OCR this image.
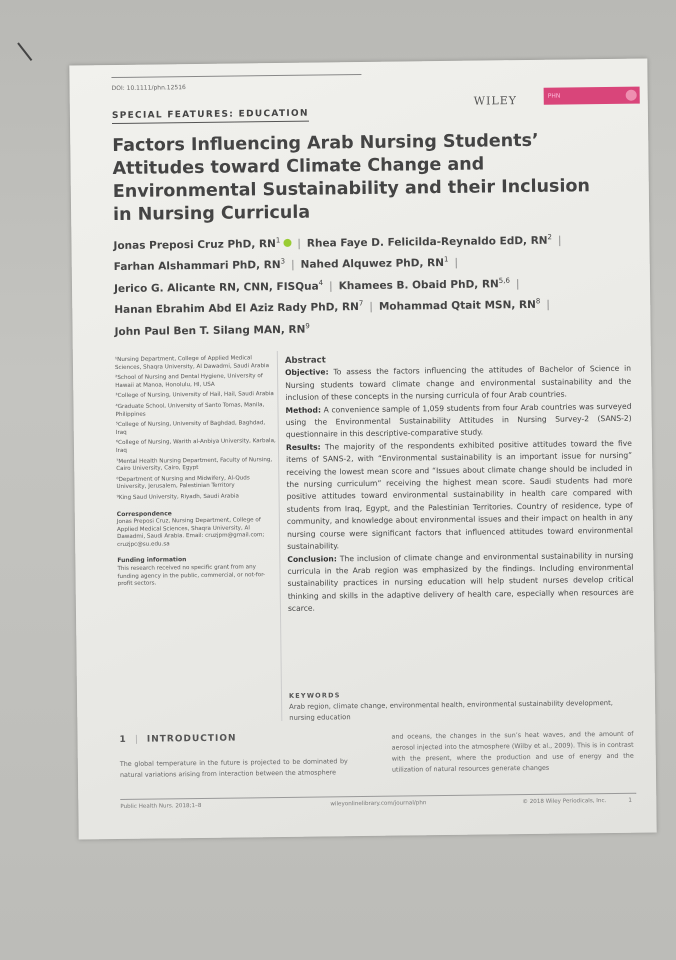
DOI: 10.1111/phn.12516
WILEY	PHN
SPECIAL FEATURES: EDUCATION
Factors Influencing Arab Nursing Students’ Attitudes toward Climate Change and Environmental Sustainability and their Inclusion in Nursing Curricula
Jonas Preposi Cruz PhD, $RN^1$ | Rhea Faye D. Felicilda-Reynaldo EdD, $RN^2$ |
Farhan Alshammari PhD, $RN^3$ | Nahed Alquwez PhD, $RN^1$ |
Jerico G. Alicante RN, CNN, FISQua$^4$ | Khamees B. Obaid PhD, RN$^{5,6}$ |
Hanan Ebrahim Abd El Aziz Rady PhD, $RN^7$ | Mohammad Qtait MSN, $RN^8$ |
John Paul Ben T. Silang MAN, $RN^9$

¹Nursing Department, College of Applied Medical Sciences, Shaqra University, Al Dawadmi, Saudi Arabia

²School of Nursing and Dental Hygiene, University of Hawaii at Manoa, Honolulu, HI, USA

³College of Nursing, University of Hail, Hail, Saudi Arabia

⁴Graduate School, University of Santo Tomas, Manila, Philippines

⁵College of Nursing, University of Baghdad, Baghdad, Iraq

⁶College of Nursing, Warith al-Anbiya University, Karbala, Iraq

⁷Mental Health Nursing Department, Faculty of Nursing, Cairo University, Cairo, Egypt

⁸Department of Nursing and Midwifery, Al-Quds University, Jerusalem, Palestinian Territory

⁹King Saud University, Riyadh, Saudi Arabia

Correspondence
Jonas Preposi Cruz, Nursing Department, College of Applied Medical Sciences, Shaqra University, Al Dawadmi, Saudi Arabia. Email: cruzjpm@gmail.com; cruzjpc@su.edu.sa
Funding information
This research received no specific grant from any funding agency in the public, commercial, or not-for-profit sectors.
Abstract

Objective: To assess the factors influencing the attitudes of Bachelor of Science in Nursing students toward climate change and environmental sustainability and the inclusion of these concepts in the nursing curricula of four Arab countries.

Method: A convenience sample of 1,059 students from four Arab countries was surveyed using the Environmental Sustainability Attitudes in Nursing Survey-2 (SANS-2) questionnaire in this descriptive-comparative study.

Results: The majority of the respondents exhibited positive attitudes toward the five items of SANS-2, with “Environmental sustainability is an important issue for nursing” receiving the lowest mean score and “Issues about climate change should be included in the nursing curriculum” receiving the highest mean score. Saudi students had more positive attitudes toward environmental sustainability in health care compared with students from Iraq, Egypt, and the Palestinian Territories. Country of residence, type of community, and knowledge about environmental issues and their impact on health in any nursing course were significant factors that influenced attitudes toward environmental sustainability.

Conclusion: The inclusion of climate change and environmental sustainability in nursing curricula in the Arab region was emphasized by the findings. Including environmental sustainability practices in nursing education will help student nurses develop critical thinking and skills in the adaptive delivery of health care, especially when resources are scarce.

KEYWORDS
Arab region, climate change, environmental health, environmental sustainability development, nursing education
1 | INTRODUCTION
The global temperature in the future is projected to be dominated by natural variations arising from interaction between the atmosphere
and oceans, the changes in the sun’s heat waves, and the amount of aerosol injected into the atmosphere (Wilby et al., 2009). This is in contrast with the present, where the production and use of energy and the utilization of natural resources generate changes
Public Health Nurs. 2018;1–8	wileyonlinelibrary.com/journal/phn	© 2018 Wiley Periodicals, Inc.	1
